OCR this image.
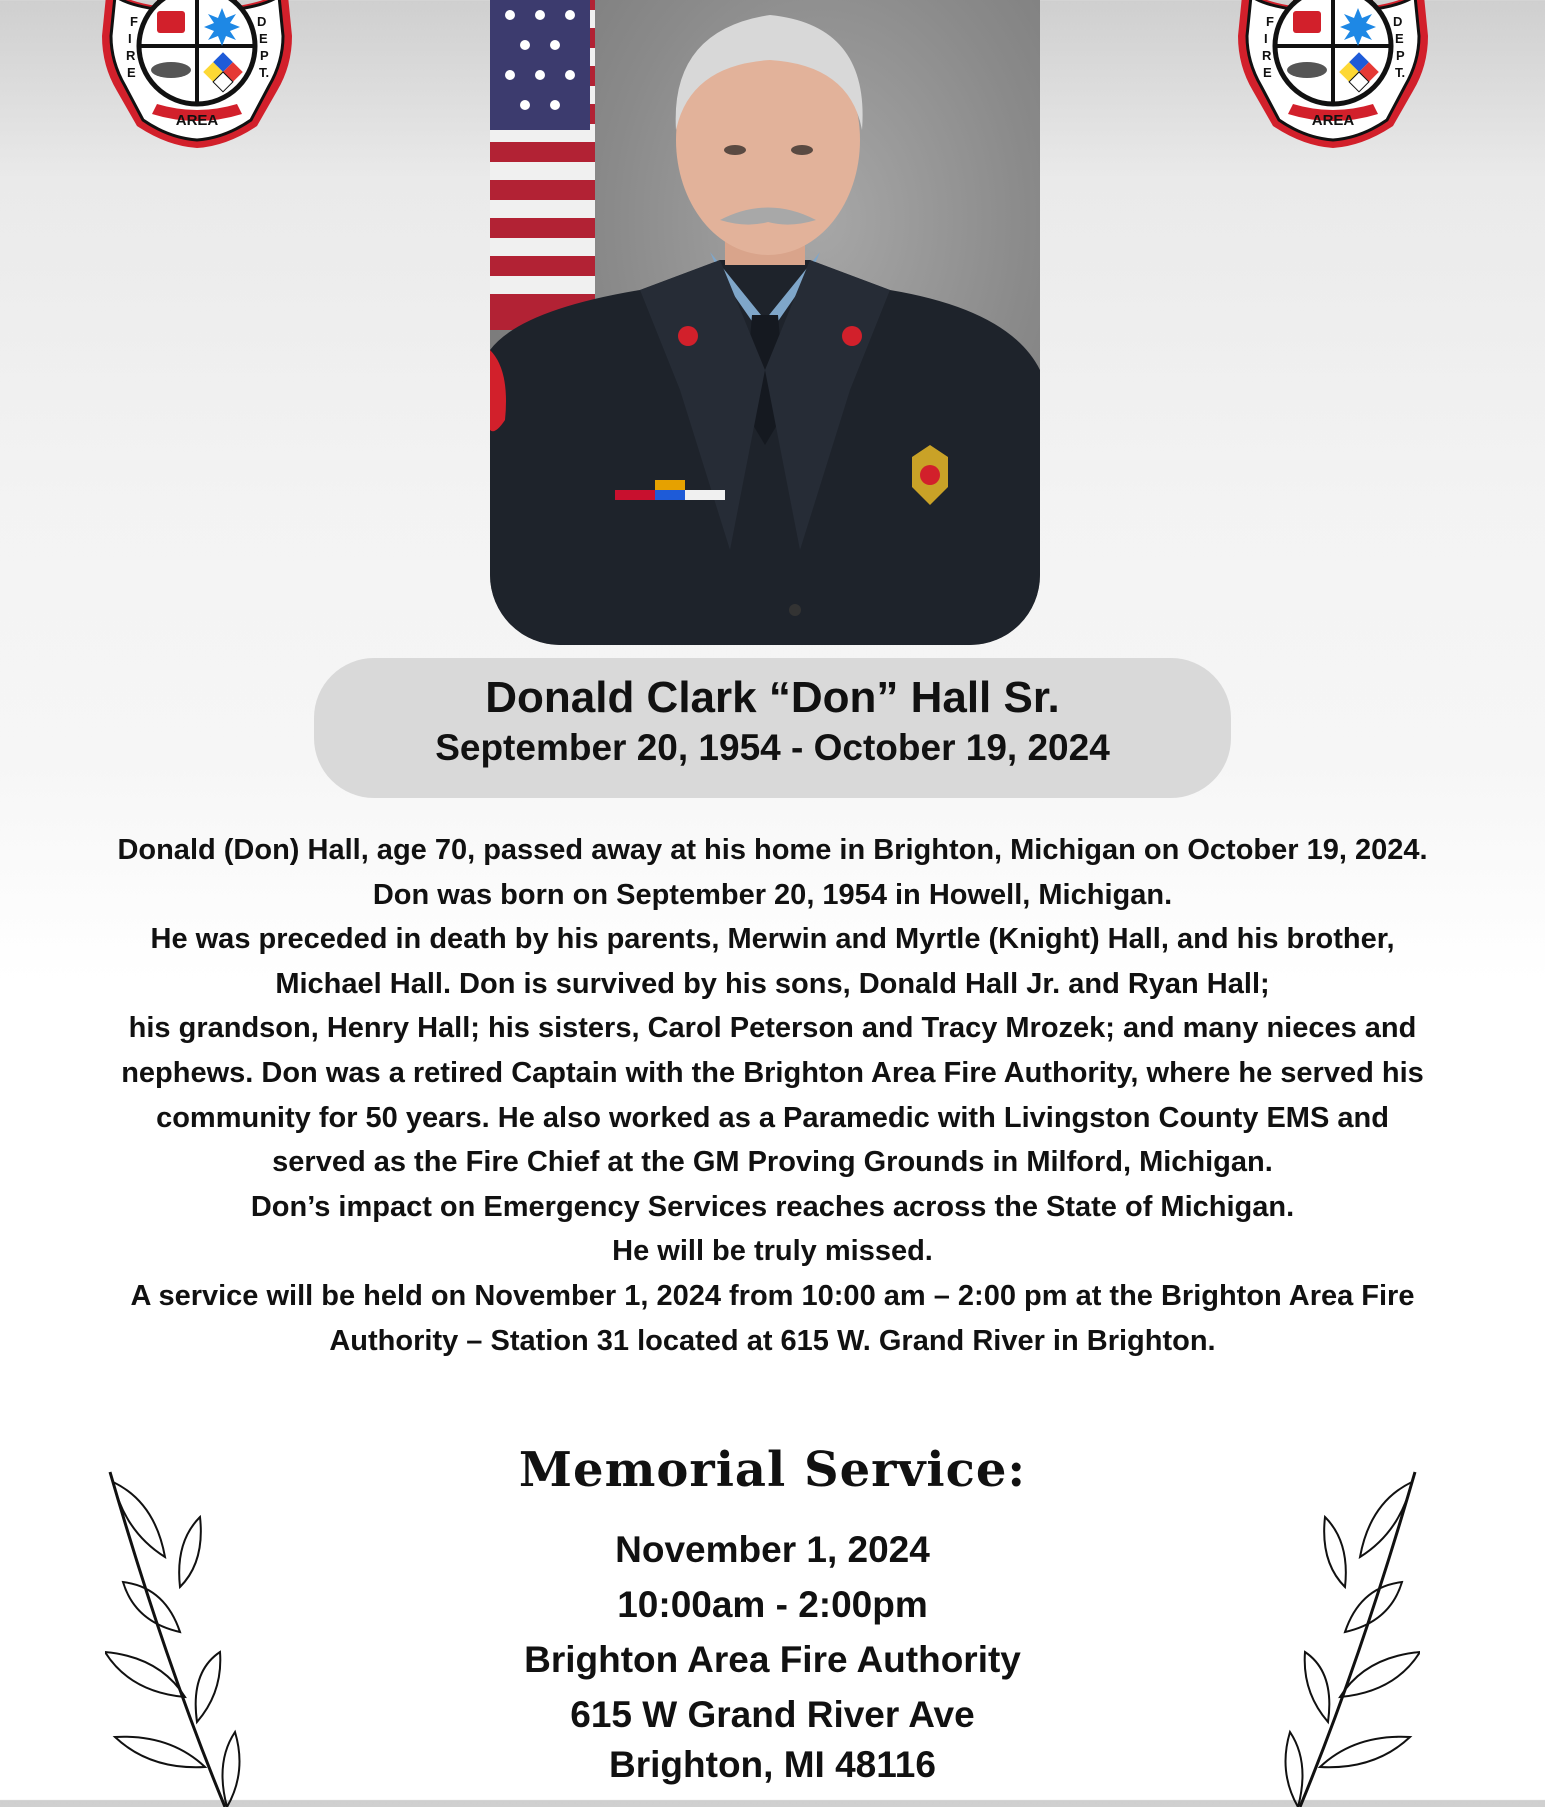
AREA
F
I
R
E
D
E
P
T.
AREA
F
I
R
E
D
E
P
T.
Donald Clark “Don” Hall Sr.
September 20, 1954 - October 19, 2024
Donald (Don) Hall, age 70, passed away at his home in Brighton, Michigan on October 19, 2024.
Don was born on September 20, 1954 in Howell, Michigan.
He was preceded in death by his parents, Merwin and Myrtle (Knight) Hall, and his brother,
Michael Hall. Don is survived by his sons, Donald Hall Jr. and Ryan Hall;
his grandson, Henry Hall; his sisters, Carol Peterson and Tracy Mrozek; and many nieces and
nephews. Don was a retired Captain with the Brighton Area Fire Authority, where he served his
community for 50 years. He also worked as a Paramedic with Livingston County EMS and
served as the Fire Chief at the GM Proving Grounds in Milford, Michigan.
Don’s impact on Emergency Services reaches across the State of Michigan.
He will be truly missed.
A service will be held on November 1, 2024 from 10:00 am – 2:00 pm at the Brighton Area Fire
Authority – Station 31 located at 615 W. Grand River in Brighton.
Memorial Service:
November 1, 2024
10:00am - 2:00pm
Brighton Area Fire Authority
615 W Grand River Ave
Brighton, MI 48116
